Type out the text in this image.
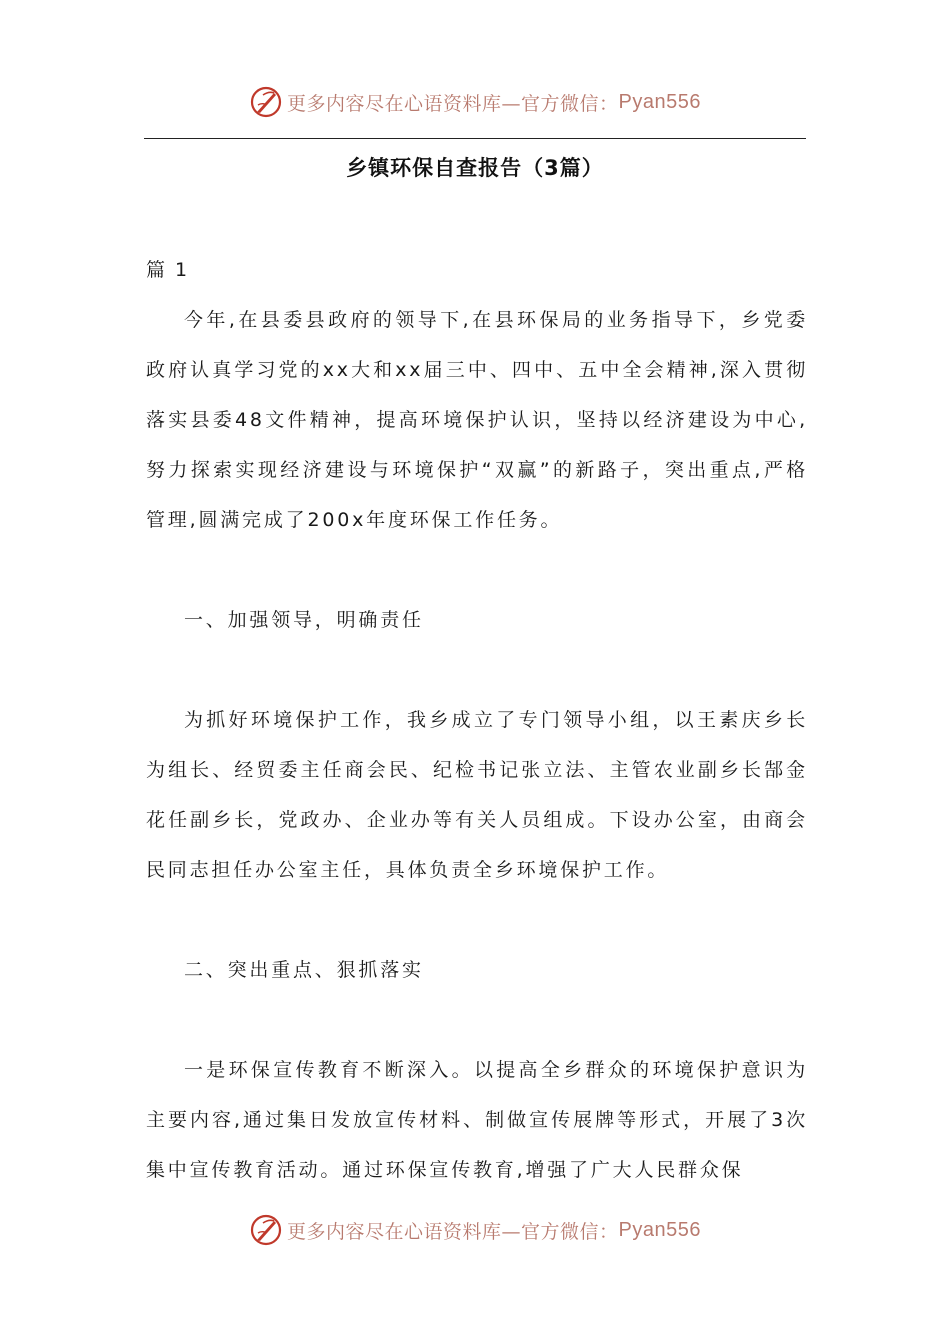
更多内容尽在心语资料库—官方微信： Pyan556
乡镇环保自查报告（3篇）

篇 1

今年,在县委县政府的领导下,在县环保局的业务指导下，乡党委政府认真学习党的xx大和xx届三中、四中、五中全会精神,深入贯彻落实县委48文件精神，提高环境保护认识，坚持以经济建设为中心,努力探索实现经济建设与环境保护“双赢”的新路子，突出重点,严格管理,圆满完成了200x年度环保工作任务。

一、加强领导，明确责任

为抓好环境保护工作，我乡成立了专门领导小组，以王素庆乡长为组长、经贸委主任商会民、纪检书记张立法、主管农业副乡长郜金花任副乡长，党政办、企业办等有关人员组成。下设办公室，由商会民同志担任办公室主任，具体负责全乡环境保护工作。

二、突出重点、狠抓落实

一是环保宣传教育不断深入。以提高全乡群众的环境保护意识为主要内容,通过集日发放宣传材料、制做宣传展牌等形式，开展了3次集中宣传教育活动。通过环保宣传教育,增强了广大人民群众保

更多内容尽在心语资料库—官方微信： Pyan556
